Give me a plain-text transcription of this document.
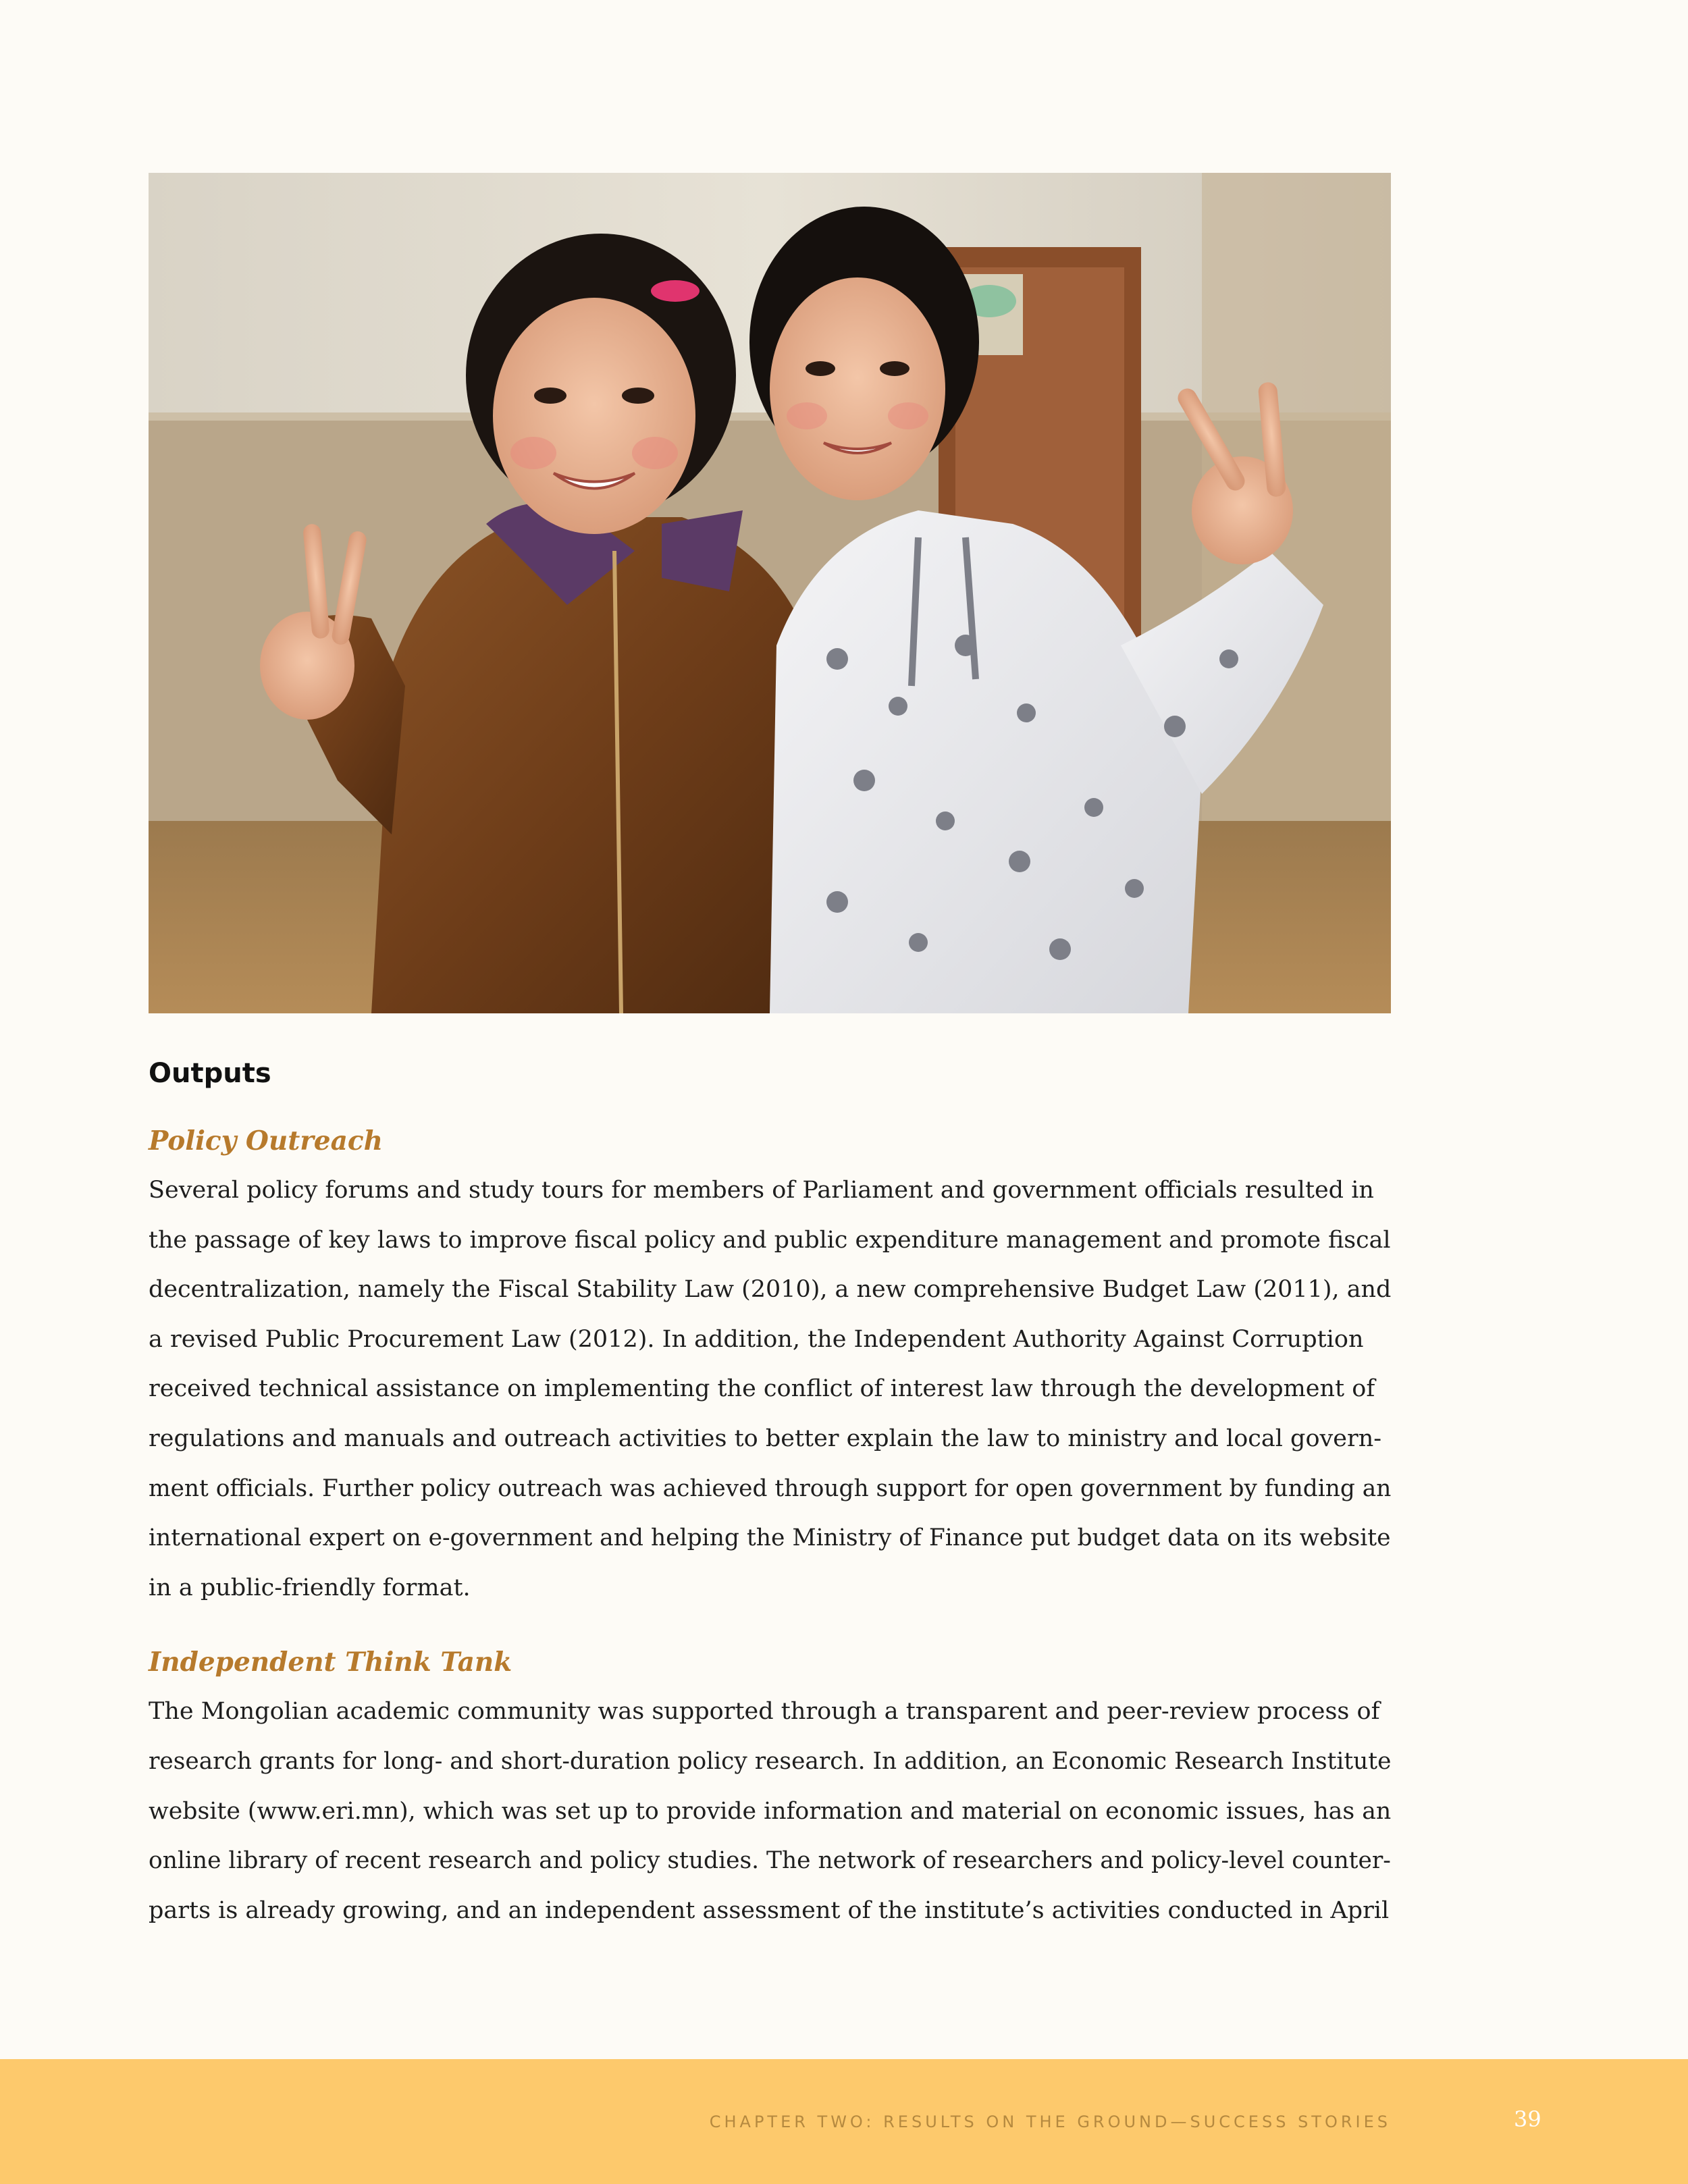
Outputs
Policy Outreach

Several policy forums and study tours for members of Parliament and government officials resulted in
the passage of key laws to improve fiscal policy and public expenditure management and promote fiscal
decentralization, namely the Fiscal Stability Law (2010), a new comprehensive Budget Law (2011), and
a revised Public Procurement Law (2012). In addition, the Independent Authority Against Corruption
received technical assistance on implementing the conflict of interest law through the development of
regulations and manuals and outreach activities to better explain the law to ministry and local govern-
ment officials. Further policy outreach was achieved through support for open government by funding an
international expert on e-government and helping the Ministry of Finance put budget data on its website
in a public-friendly format.

Independent Think Tank

The Mongolian academic community was supported through a transparent and peer-review process of
research grants for long- and short-duration policy research. In addition, an Economic Research Institute
website (www.eri.mn), which was set up to provide information and material on economic issues, has an
online library of recent research and policy studies. The network of researchers and policy-level counter-
parts is already growing, and an independent assessment of the institute’s activities conducted in April

CHAPTER TWO: RESULTS ON THE GROUND—SUCCESS STORIES	39
